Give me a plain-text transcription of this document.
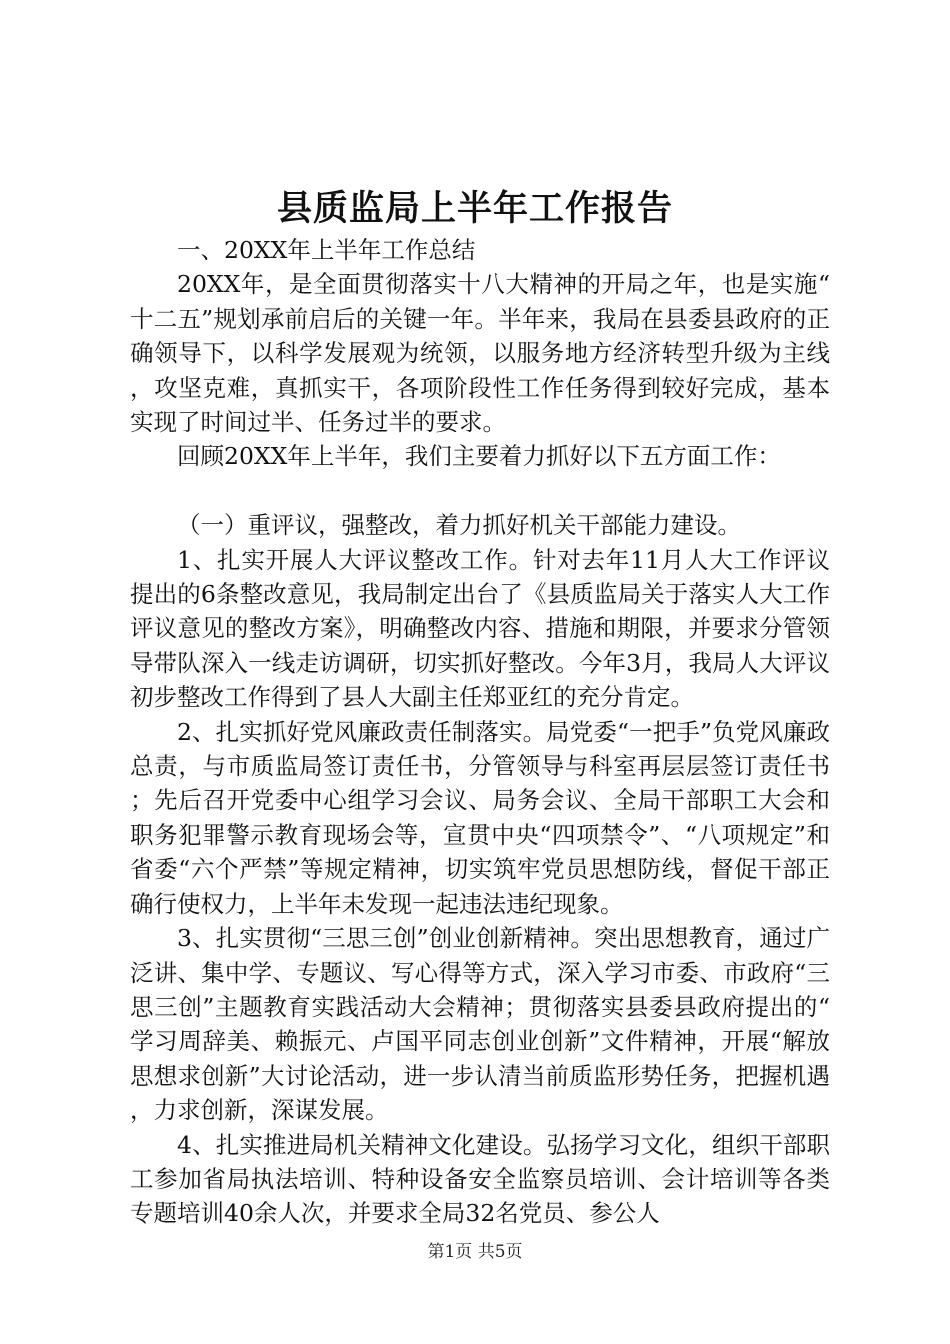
县质监局上半年工作报告

一、20XX年上半年工作总结

20XX年，是全面贯彻落实十八大精神的开局之年，也是实施“十二五”规划承前启后的关键一年。半年来，我局在县委县政府的正确领导下，以科学发展观为统领，以服务地方经济转型升级为主线，攻坚克难，真抓实干，各项阶段性工作任务得到较好完成，基本实现了时间过半、任务过半的要求。

回顾20XX年上半年，我们主要着力抓好以下五方面工作：

（一）重评议，强整改，着力抓好机关干部能力建设。

1、扎实开展人大评议整改工作。针对去年11月人大工作评议提出的6条整改意见，我局制定出台了《县质监局关于落实人大工作评议意见的整改方案》，明确整改内容、措施和期限，并要求分管领导带队深入一线走访调研，切实抓好整改。今年3月，我局人大评议初步整改工作得到了县人大副主任郑亚红的充分肯定。

2、扎实抓好党风廉政责任制落实。局党委“一把手”负党风廉政总责，与市质监局签订责任书，分管领导与科室再层层签订责任书；先后召开党委中心组学习会议、局务会议、全局干部职工大会和职务犯罪警示教育现场会等，宣贯中央“四项禁令”、“八项规定”和省委“六个严禁”等规定精神，切实筑牢党员思想防线，督促干部正确行使权力，上半年未发现一起违法违纪现象。

3、扎实贯彻“三思三创”创业创新精神。突出思想教育，通过广泛讲、集中学、专题议、写心得等方式，深入学习市委、市政府“三思三创”主题教育实践活动大会精神；贯彻落实县委县政府提出的“学习周辞美、赖振元、卢国平同志创业创新”文件精神，开展“解放思想求创新”大讨论活动，进一步认清当前质监形势任务，把握机遇，力求创新，深谋发展。

4、扎实推进局机关精神文化建设。弘扬学习文化，组织干部职工参加省局执法培训、特种设备安全监察员培训、会计培训等各类专题培训40余人次，并要求全局32名党员、参公人

第1页 共5页
